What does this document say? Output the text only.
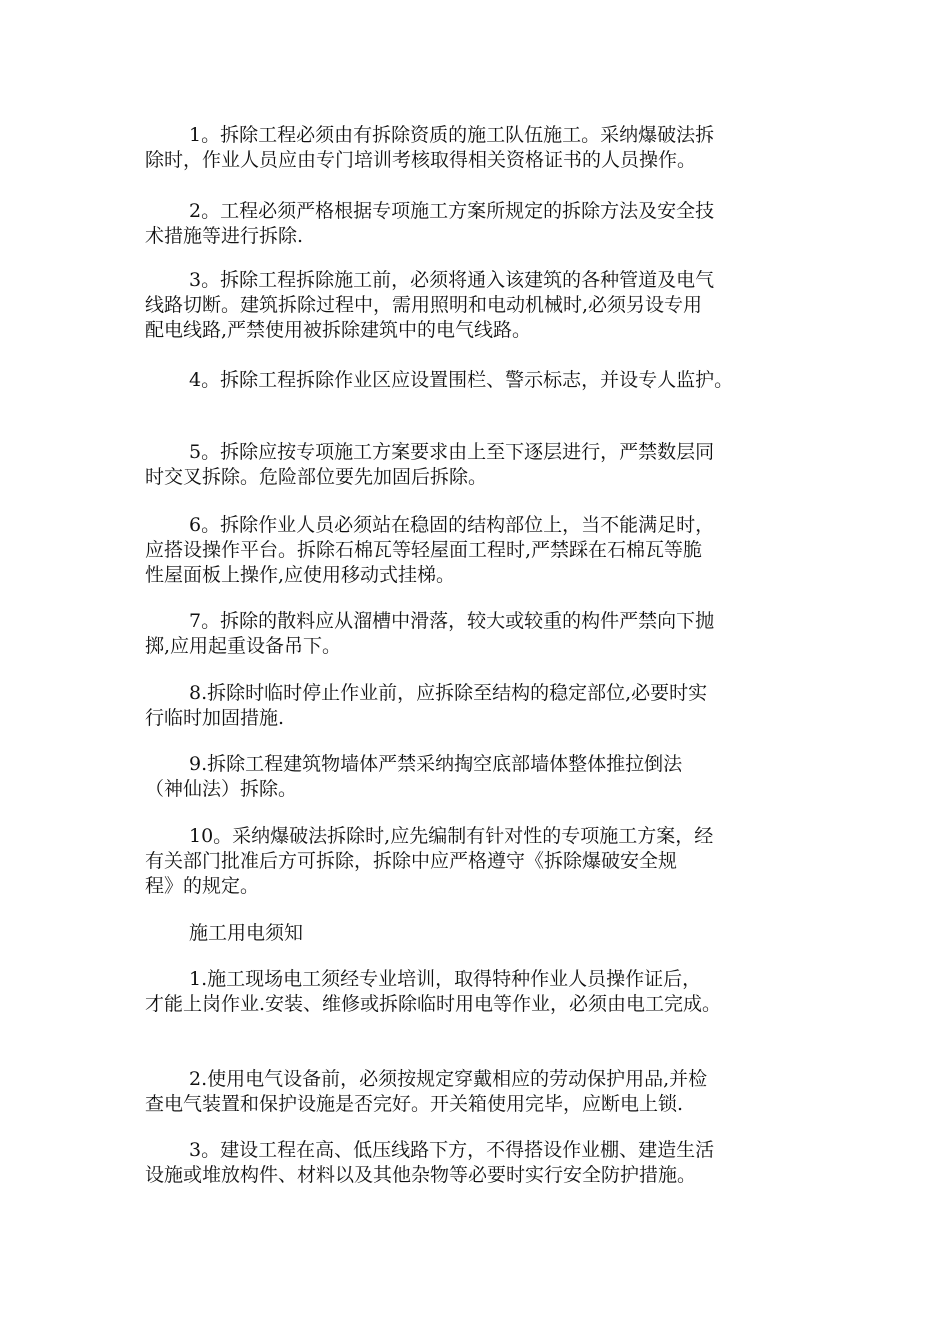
1。拆除工程必须由有拆除资质的施工队伍施工。采纳爆破法拆
除时，作业人员应由专门培训考核取得相关资格证书的人员操作。
2。工程必须严格根据专项施工方案所规定的拆除方法及安全技
术措施等进行拆除.
3。拆除工程拆除施工前，必须将通入该建筑的各种管道及电气
线路切断。建筑拆除过程中，需用照明和电动机械时,必须另设专用
配电线路,严禁使用被拆除建筑中的电气线路。
4。拆除工程拆除作业区应设置围栏、警示标志，并设专人监护。
5。拆除应按专项施工方案要求由上至下逐层进行，严禁数层同
时交叉拆除。危险部位要先加固后拆除。
6。拆除作业人员必须站在稳固的结构部位上，当不能满足时，
应搭设操作平台。拆除石棉瓦等轻屋面工程时,严禁踩在石棉瓦等脆
性屋面板上操作,应使用移动式挂梯。
7。拆除的散料应从溜槽中滑落，较大或较重的构件严禁向下抛
掷,应用起重设备吊下。
8.拆除时临时停止作业前，应拆除至结构的稳定部位,必要时实
行临时加固措施.
9.拆除工程建筑物墙体严禁采纳掏空底部墙体整体推拉倒法
（神仙法）拆除。
10。采纳爆破法拆除时,应先编制有针对性的专项施工方案，经
有关部门批准后方可拆除，拆除中应严格遵守《拆除爆破安全规
程》的规定。
施工用电须知
1.施工现场电工须经专业培训，取得特种作业人员操作证后，
才能上岗作业.安装、维修或拆除临时用电等作业，必须由电工完成。
2.使用电气设备前，必须按规定穿戴相应的劳动保护用品,并检
查电气装置和保护设施是否完好。开关箱使用完毕，应断电上锁.
3。建设工程在高、低压线路下方，不得搭设作业棚、建造生活
设施或堆放构件、材料以及其他杂物等必要时实行安全防护措施。
